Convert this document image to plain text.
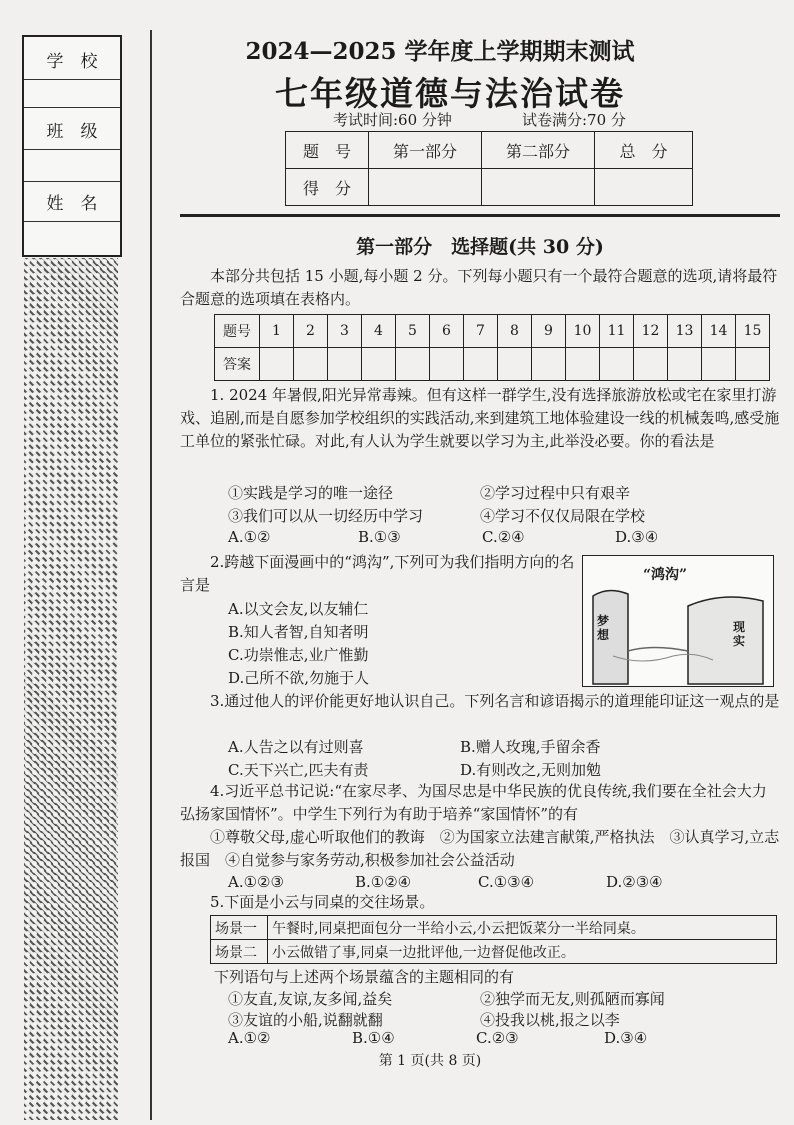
学　校
班　级
姓　名
2024—2025 学年度上学期期末测试
七年级道德与法治试卷
考试时间:60 分钟	试卷满分:70 分
题　号	第一部分	第二部分	总　分
得　分			
第一部分　选择题(共 30 分)
本部分共包括 15 小题,每小题 2 分。下列每小题只有一个最符合题意的选项,请将最符合题意的选项填在表格内。
题号	1	2	3	4	5	6	7	8	9	10	11	12	13	14	15
答案															
1. 2024 年暑假,阳光异常毒辣。但有这样一群学生,没有选择旅游放松或宅在家里打游戏、追剧,而是自愿参加学校组织的实践活动,来到建筑工地体验建设一线的机械轰鸣,感受施工单位的紧张忙碌。对此,有人认为学生就要以学习为主,此举没必要。你的看法是
①实践是学习的唯一途径	②学习过程中只有艰辛
③我们可以从一切经历中学习	④学习不仅仅局限在学校
A.①②	B.①③	C.②④	D.③④
2.跨越下面漫画中的“鸿沟”,下列可为我们指明方向的名言是
A.以文会友,以友辅仁
B.知人者智,自知者明
C.功崇惟志,业广惟勤
D.己所不欲,勿施于人
“鸿沟”
梦想
现实
3.通过他人的评价能更好地认识自己。下列名言和谚语揭示的道理能印证这一观点的是
A.人告之以有过则喜	B.赠人玫瑰,手留余香
C.天下兴亡,匹夫有责	D.有则改之,无则加勉
4.习近平总书记说:“在家尽孝、为国尽忠是中华民族的优良传统,我们要在全社会大力弘扬家国情怀”。中学生下列行为有助于培养“家国情怀”的有
①尊敬父母,虚心听取他们的教诲　②为国家立法建言献策,严格执法　③认真学习,立志报国　④自觉参与家务劳动,积极参加社会公益活动
A.①②③	B.①②④	C.①③④	D.②③④
5.下面是小云与同桌的交往场景。
场景一	午餐时,同桌把面包分一半给小云,小云把饭菜分一半给同桌。
场景二	小云做错了事,同桌一边批评他,一边督促他改正。
下列语句与上述两个场景蕴含的主题相同的有
①友直,友谅,友多闻,益矣	②独学而无友,则孤陋而寡闻
③友谊的小船,说翻就翻	④投我以桃,报之以李
A.①②	B.①④	C.②③	D.③④
第 1 页(共 8 页)
